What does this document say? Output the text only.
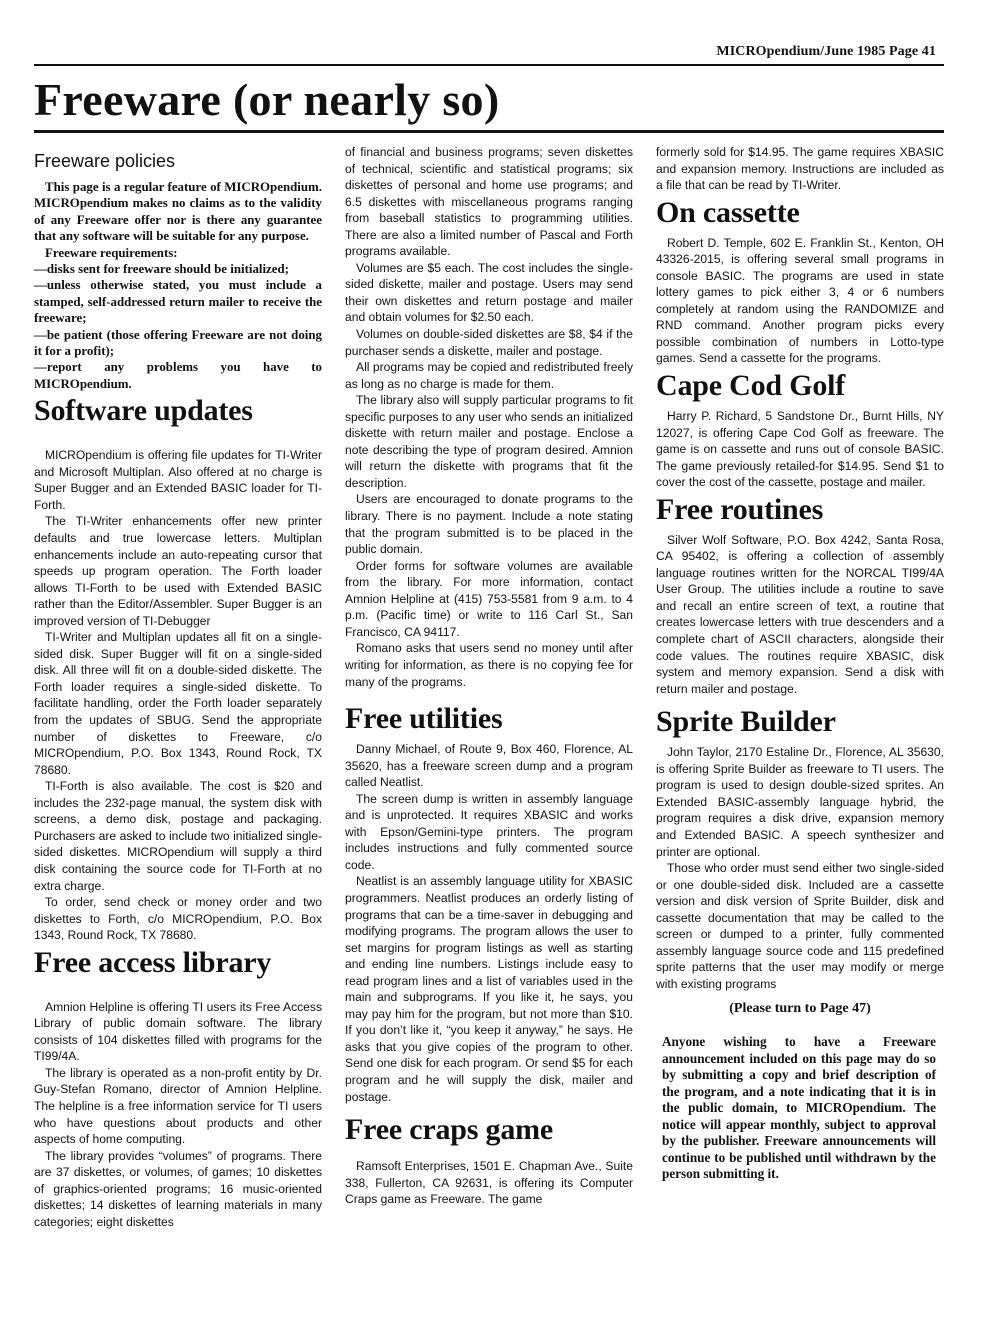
MICROpendium/June 1985 Page 41
Freeware (or nearly so)
Freeware policies

This page is a regular feature of MICROpendium. MICROpendium makes no claims as to the validity of any Freeware offer nor is there any guarantee that any software will be suitable for any purpose.

Freeware requirements:

—disks sent for freeware should be initialized;

—unless otherwise stated, you must include a stamped, self-addressed return mailer to receive the freeware;

—be patient (those offering Freeware are not doing it for a profit);

—report any problems you have to MICROpendium.

Software updates

MICROpendium is offering file updates for TI-Writer and Microsoft Multiplan. Also offered at no charge is Super Bugger and an Extended BASIC loader for TI-Forth.

The TI-Writer enhancements offer new printer defaults and true lowercase letters. Multiplan enhancements include an auto-repeating cursor that speeds up program operation. The Forth loader allows TI-Forth to be used with Extended BASIC rather than the Editor/Assembler. Super Bugger is an improved version of TI-Debugger

TI-Writer and Multiplan updates all fit on a single-sided disk. Super Bugger will fit on a single-sided disk. All three will fit on a double-sided diskette. The Forth loader requires a single-sided diskette. To facilitate handling, order the Forth loader separately from the updates of SBUG. Send the appropriate number of diskettes to Freeware, c/o MICROpendium, P.O. Box 1343, Round Rock, TX 78680.

TI-Forth is also available. The cost is $20 and includes the 232-page manual, the system disk with screens, a demo disk, postage and packaging. Purchasers are asked to include two initialized single-sided diskettes. MICROpendium will supply a third disk containing the source code for TI-Forth at no extra charge.

To order, send check or money order and two diskettes to Forth, c/o MICROpendium, P.O. Box 1343, Round Rock, TX 78680.

Free access library

Amnion Helpline is offering TI users its Free Access Library of public domain software. The library consists of 104 diskettes filled with programs for the TI99/4A.

The library is operated as a non-profit entity by Dr. Guy-Stefan Romano, director of Amnion Helpline. The helpline is a free information service for TI users who have questions about products and other aspects of home computing.

The library provides “volumes” of programs. There are 37 diskettes, or volumes, of games; 10 diskettes of graphics-oriented programs; 16 music-oriented diskettes; 14 diskettes of learning materials in many categories; eight diskettes

of financial and business programs; seven diskettes of technical, scientific and statistical programs; six diskettes of personal and home use programs; and 6.5 diskettes with miscellaneous programs ranging from baseball statistics to programming utilities. There are also a limited number of Pascal and Forth programs available.

Volumes are $5 each. The cost includes the single-sided diskette, mailer and postage. Users may send their own diskettes and return postage and mailer and obtain volumes for $2.50 each.

Volumes on double-sided diskettes are $8, $4 if the purchaser sends a diskette, mailer and postage.

All programs may be copied and redistributed freely as long as no charge is made for them.

The library also will supply particular programs to fit specific purposes to any user who sends an initialized diskette with return mailer and postage. Enclose a note describing the type of program desired. Amnion will return the diskette with programs that fit the description.

Users are encouraged to donate programs to the library. There is no payment. Include a note stating that the program submitted is to be placed in the public domain.

Order forms for software volumes are available from the library. For more information, contact Amnion Helpline at (415) 753-5581 from 9 a.m. to 4 p.m. (Pacific time) or write to 116 Carl St., San Francisco, CA 94117.

Romano asks that users send no money until after writing for information, as there is no copying fee for many of the programs.

Free utilities

Danny Michael, of Route 9, Box 460, Florence, AL 35620, has a freeware screen dump and a program called Neatlist.

The screen dump is written in assembly language and is unprotected. It requires XBASIC and works with Epson/Gemini-type printers. The program includes instructions and fully commented source code.

Neatlist is an assembly language utility for XBASIC programmers. Neatlist produces an orderly listing of programs that can be a time-saver in debugging and modifying programs. The program allows the user to set margins for program listings as well as starting and ending line numbers. Listings include easy to read program lines and a list of variables used in the main and subprograms. If you like it, he says, you may pay him for the program, but not more than $10. If you don’t like it, “you keep it anyway,” he says. He asks that you give copies of the program to other. Send one disk for each program. Or send $5 for each program and he will supply the disk, mailer and postage.

Free craps game

Ramsoft Enterprises, 1501 E. Chapman Ave., Suite 338, Fullerton, CA 92631, is offering its Computer Craps game as Freeware. The game

formerly sold for $14.95. The game requires XBASIC and expansion memory. Instructions are included as a file that can be read by TI-Writer.

On cassette

Robert D. Temple, 602 E. Franklin St., Kenton, OH 43326-2015, is offering several small programs in console BASIC. The programs are used in state lottery games to pick either 3, 4 or 6 numbers completely at random using the RANDOMIZE and RND command. Another program picks every possible combination of numbers in Lotto-type games. Send a cassette for the programs.

Cape Cod Golf

Harry P. Richard, 5 Sandstone Dr., Burnt Hills, NY 12027, is offering Cape Cod Golf as freeware. The game is on cassette and runs out of console BASIC. The game previously retailed-for $14.95. Send $1 to cover the cost of the cassette, postage and mailer.

Free routines

Silver Wolf Software, P.O. Box 4242, Santa Rosa, CA 95402, is offering a collection of assembly language routines written for the NORCAL TI99/4A User Group. The utilities include a routine to save and recall an entire screen of text, a routine that creates lowercase letters with true descenders and a complete chart of ASCII characters, alongside their code values. The routines require XBASIC, disk system and memory expansion. Send a disk with return mailer and postage.

Sprite Builder

John Taylor, 2170 Estaline Dr., Florence, AL 35630, is offering Sprite Builder as freeware to TI users. The program is used to design double-sized sprites. An Extended BASIC-assembly language hybrid, the program requires a disk drive, expansion memory and Extended BASIC. A speech synthesizer and printer are optional.

Those who order must send either two single-sided or one double-sided disk. Included are a cassette version and disk version of Sprite Builder, disk and cassette documentation that may be called to the screen or dumped to a printer, fully commented assembly language source code and 115 predefined sprite patterns that the user may modify or merge with existing programs

(Please turn to Page 47)
Anyone wishing to have a Freeware announcement included on this page may do so by submitting a copy and brief description of the program, and a note indicating that it is in the public domain, to MICROpendium. The notice will appear monthly, subject to approval by the publisher. Freeware announcements will continue to be published until withdrawn by the person submitting it.
